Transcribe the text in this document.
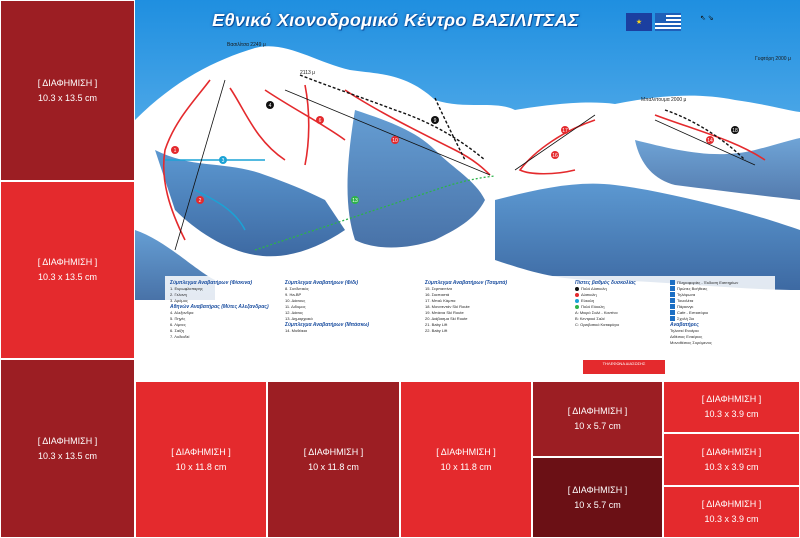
[ ΔΙΑΦΗΜΙΣΗ ]
10.3 x 13.5 cm
[ ΔΙΑΦΗΜΙΣΗ ]
10.3 x 13.5 cm
[ ΔΙΑΦΗΜΙΣΗ ]
10.3 x 13.5 cm	[ ΔΙΑΦΗΜΙΣΗ ]
10 x 11.8 cm
[ ΔΙΑΦΗΜΙΣΗ ]
10 x 11.8 cm
[ ΔΙΑΦΗΜΙΣΗ ]
10 x 11.8 cm
[ ΔΙΑΦΗΜΙΣΗ ]
10 x 5.7 cm
[ ΔΙΑΦΗΜΙΣΗ ]
10 x 5.7 cm
[ ΔΙΑΦΗΜΙΣΗ ]
10.3 x 3.9 cm
[ ΔΙΑΦΗΜΙΣΗ ]
10.3 x 3.9 cm
[ ΔΙΑΦΗΜΙΣΗ ]
10.3 x 3.9 cm
1
2
3
4
6
10
9
17
16
14
18
13
Εθνικό Χιονοδρομικό Κέντρο ΒΑΣΙΛΙΤΣΑΣ	★
⇖ ⇘
Βασιλίτσα 2249 μ
2113 μ
Μπαλντουμα 2000 μ
Γυφτόρη 2000 μ
Σύμπλεγμα Αναβατήρων (Φίσκινα)
1. Ευρωφλοπαρης
2. Γελανη
3. Δρόμος
Αθηνών Αναβατήρας (Μύτες Αλεξανδρας)
4. Αλεξανδρα
5. Πηγές
6. Λίμνες
6. Σαίξη
7. Λυδιαδεί
Σύμπλεγμα Αναβατήρων (Φίδι)
8. Συνδετικός
9. Ha-BP
10. Δάσους
11. Διδυμος
12. Δάσος
13. Δημαρχιακό
Σύμπλεγμα Αναβατήρων (Μπάσκω)
14. Μυθάκια
Σύμπλεγμα Αναβατήρων (Τσαμπά)
15. Σερπαντίνα
16. Σκεπαστά
17. Μπαλ Κάμπα
18. Μονσεντάν Ski Route
19. Μπάνια Ski Route
20. Διάβασμα Ski Route
21. Baby Lift
22. Baby Lift
Πίστες βαθμός δυσκολίας
Πολύ Δύσκολη
Δύσκολη
Εύκολη
Πολύ Εύκολη
Α: Μικρό Σαλέ - Καντίνα
Β: Κεντρικό Σαλέ
C: Ορειβατικό Καταφύγιο
Πληροφορίες - Έκδοση Εισιτηρίων
Πρώτες Βοήθειες
Τηλέφωνα
Τουαλέτα
Πάρκινγκ
Cafe - Εστιατόριο
Σχολή Σκι
Αναβατήρες
Τηλεσκί Εναέριο
Διθέσιος Εναέριος
Μονοθέσιος Συρόμενος
ΤΗΛΕΦΩΝΑ ΔΙΑΣΩΣΗΣ
